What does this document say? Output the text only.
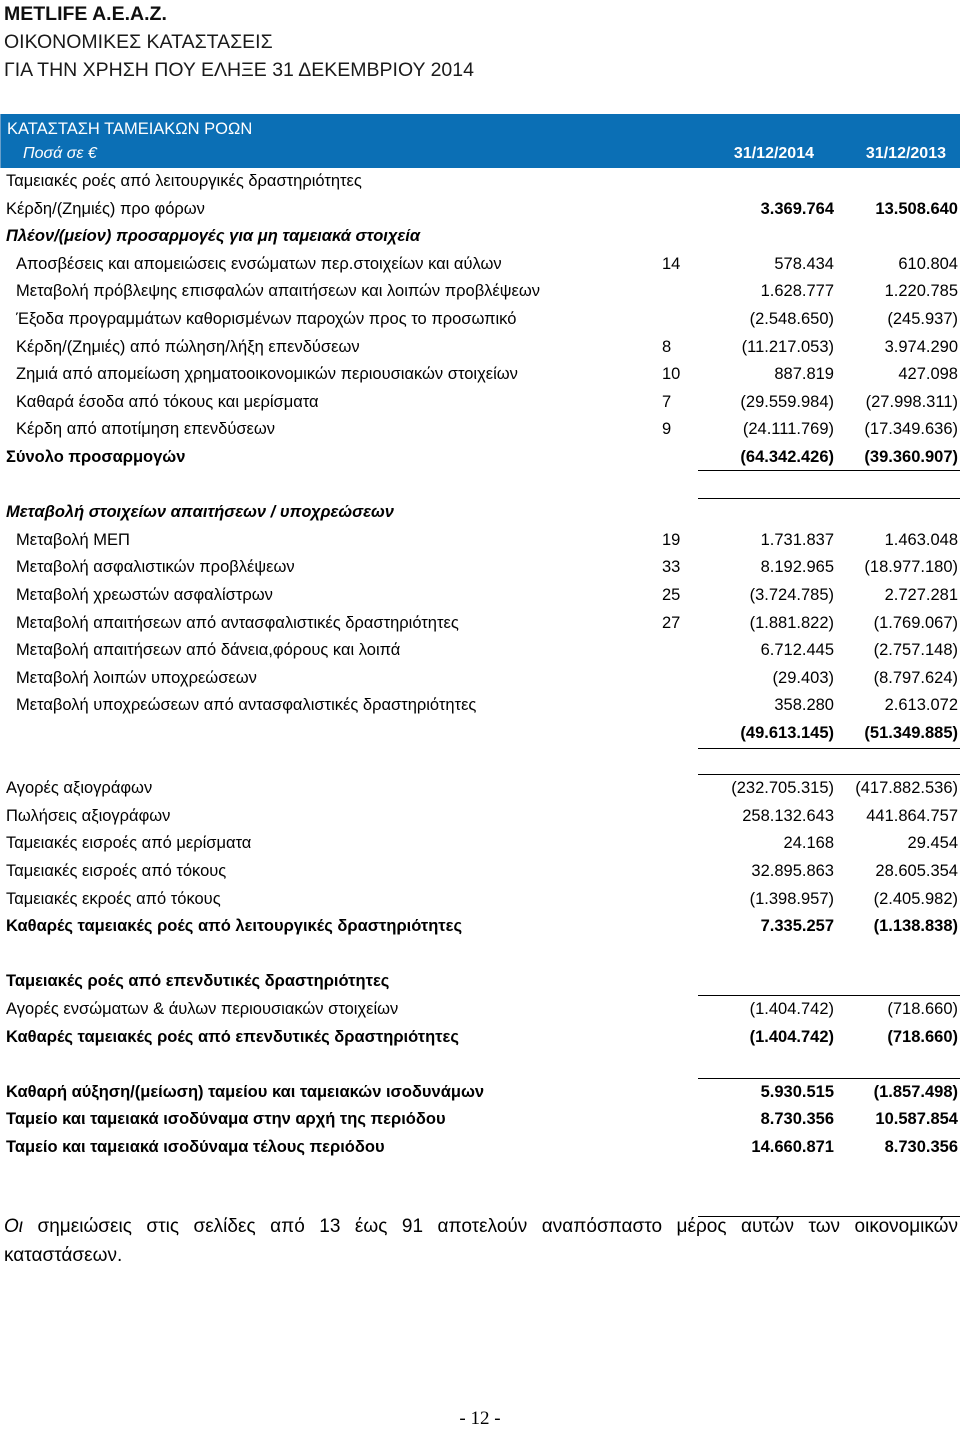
METLIFE A.E.A.Z.
ΟΙΚΟΝΟΜΙΚΕΣ ΚΑΤΑΣΤΑΣΕΙΣ
ΓΙΑ ΤΗΝ ΧΡΗΣΗ ΠΟΥ ΕΛΗΞΕ 31 ΔΕΚΕΜΒΡΙΟΥ 2014
ΚΑΤΑΣΤΑΣΗ ΤΑΜΕΙΑΚΩΝ ΡΟΩΝ
Ποσά σε €	31/12/2014	31/12/2013
Ταμειακές ροές από λειτουργικές δραστηριότητες
Κέρδη/(Ζημιές) προ φόρων	3.369.764	13.508.640
Πλέον/(μείον) προσαρμογές για μη ταμειακά στοιχεία
Αποσβέσεις και απομειώσεις ενσώματων περ.στοιχείων και αύλων	14	578.434	610.804
Μεταβολή πρόβλεψης επισφαλών απαιτήσεων και λοιπών προβλέψεων	1.628.777	1.220.785
Έξοδα προγραμμάτων καθορισμένων παροχών προς το προσωπικό	(2.548.650)	(245.937)
Κέρδη/(Ζημιές) από πώληση/λήξη επενδύσεων	8	(11.217.053)	3.974.290
Ζημιά από απομείωση χρηματοοικονομικών περιουσιακών στοιχείων	10	887.819	427.098
Καθαρά έσοδα από τόκους και μερίσματα	7	(29.559.984) (27.998.311)
Κέρδη από αποτίμηση επενδύσεων	9	(24.111.769) (17.349.636)
Σύνολο προσαρμογών	(64.342.426) (39.360.907)
Μεταβολή στοιχείων απαιτήσεων / υποχρεώσεων
Μεταβολή ΜΕΠ	19	1.731.837	1.463.048
Μεταβολή ασφαλιστικών προβλέψεων	33	8.192.965 (18.977.180)
Μεταβολή χρεωστών ασφαλίστρων	25	(3.724.785)	2.727.281
Μεταβολή απαιτήσεων από αντασφαλιστικές δραστηριότητες	27	(1.881.822) (1.769.067)
Μεταβολή απαιτήσεων από δάνεια,φόρους και λοιπά	6.712.445 (2.757.148)
Μεταβολή λοιπών υποχρεώσεων	(29.403) (8.797.624)
Μεταβολή υποχρεώσεων από αντασφαλιστικές δραστηριότητες	358.280	2.613.072
(49.613.145) (51.349.885)
Αγορές αξιογράφων	(232.705.315) (417.882.536)
Πωλήσεις αξιογράφων	258.132.643 441.864.757
Ταμειακές εισροές από μερίσματα	24.168	29.454
Ταμειακές εισροές από τόκους	32.895.863	28.605.354
Ταμειακές εκροές από τόκους	(1.398.957) (2.405.982)
Καθαρές ταμειακές ροές από λειτουργικές δραστηριότητες	7.335.257 (1.138.838)
Ταμειακές ροές από επενδυτικές δραστηριότητες
Αγορές ενσώματων & άυλων περιουσιακών στοιχείων	(1.404.742)	(718.660)
Καθαρές ταμειακές ροές από επενδυτικές δραστηριότητες	(1.404.742)	(718.660)
Καθαρή αύξηση/(μείωση) ταμείου και ταμειακών ισοδυνάμων	5.930.515 (1.857.498)
Ταμείο και ταμειακά ισοδύναμα στην αρχή της περιόδου	8.730.356	10.587.854
Ταμείο και ταμειακά ισοδύναμα τέλους περιόδου	14.660.871	8.730.356
Οι σημειώσεις στις σελίδες από 13 έως 91 αποτελούν αναπόσπαστο μέρος αυτών των οικονομικών καταστάσεων.
- 12 -
